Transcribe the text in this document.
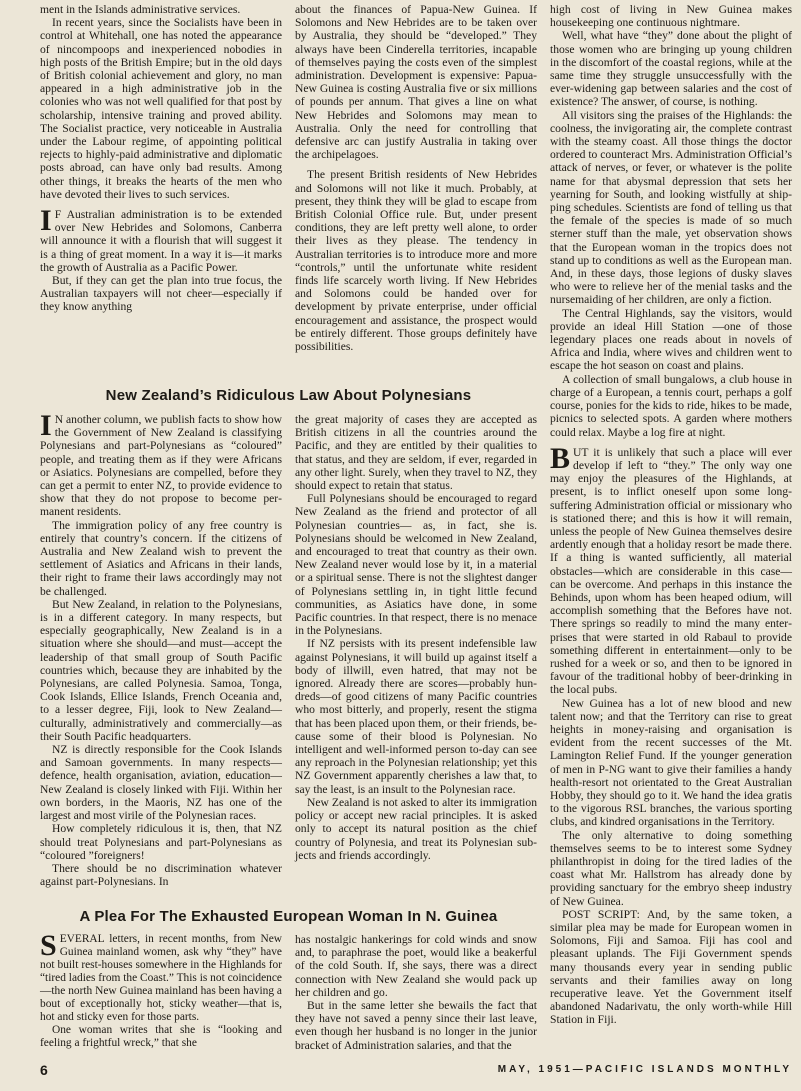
ment in the Islands administrative services.

In recent years, since the Socialists have been in control at Whitehall, one has noted the appearance of nincompoops and inexperienced nobodies in high posts of the British Empire; but in the old days of British colonial achievement and glory, no man appeared in a high administrative job in the colonies who was not well qualified for that post by scholarship, intensive training and proved ability. The Socialist practice, very noticeable in Australia under the Labour regime, of appointing political rejects to highly-paid administrative and diplomatic posts abroad, can have only bad results. Among other things, it breaks the hearts of the men who have devoted their lives to such services.

I F Australian administration is to be extended over New Hebrides and Solomons, Canberra will announce it with a flourish that will suggest it is a thing of great moment. In a way it is—it marks the growth of Australia as a Pacific Power.

But, if they can get the plan into true focus, the Australian taxpayers will not cheer—especially if they know anything

about the finances of Papua-New Guinea. If Solomons and New Hebrides are to be taken over by Australia, they should be “developed.” They always have been Cinderella territories, incapable of themselves paying the costs even of the simplest administration. Development is expensive: Papua-New Guinea is costing Australia five or six millions of pounds per annum. That gives a line on what New Hebrides and Solomons may mean to Australia. Only the need for controlling that defensive arc can justify Australia in taking over the archipelagoes.

The present British residents of New Hebrides and Solomons will not like it much. Probably, at present, they think they will be glad to escape from British Colonial Office rule. But, under present conditions, they are left pretty well alone, to order their lives as they please. The tendency in Australian territories is to introduce more and more “controls,” until the unfortunate white resident finds life scarcely worth living. If New Hebrides and Solomons could be handed over for development by private enterprise, under official encouragement and assistance, the prospect would be entirely different. Those groups definitely have possibilities.

high cost of living in New Guinea makes housekeeping one continuous nightmare.

Well, what have “they” done about the plight of those women who are bringing up young children in the discomfort of the coastal regions, while at the same time they struggle unsuccessfully with the ever-widening gap between salaries and the cost of existence? The answer, of course, is nothing.

All visitors sing the praises of the Highlands: the coolness, the invigorating air, the complete contrast with the steamy coast. All those things the doctor ordered to counteract Mrs. Administration Official’s attack of nerves, or fever, or whatever is the polite name for that abysmal depression that sets her yearning for South, and looking wistfully at shipping schedules. Scientists are fond of telling us that the female of the species is made of so much sterner stuff than the male, yet observation shows that the European woman in the tropics does not stand up to conditions as well as the European man. And, in these days, those legions of dusky slaves who were to relieve her of the menial tasks and the nursemaiding of her children, are only a fiction.

The Central Highlands, say the visitors, would provide an ideal Hill Station —one of those legendary places one reads about in novels of Africa and India, where wives and children went to escape the hot season on coast and plains.

A collection of small bungalows, a club house in charge of a European, a tennis court, perhaps a golf course, ponies for the kids to ride, hikes to be made, picnics to selected spots. A garden where mothers could relax. Maybe a log fire at night.

BUT it is unlikely that such a place will ever develop if left to “they.” The only way one may enjoy the pleasures of the Highlands, at present, is to inflict oneself upon some long-suffering Administration official or missionary who is stationed there; and this is how it will remain, unless the people of New Guinea themselves desire ardently enough that a holiday resort be made there. If a thing is wanted sufficiently, all material obstacles—which are considerable in this case—can be overcome. And perhaps in this instance the Behinds, upon whom has been heaped odium, will accomplish something that the Befores have not. There springs so readily to mind the many enterprises that were started in old Rabaul to provide something different in entertainment—only to be rushed for a week or so, and then to be ignored in favour of the traditional hobby of beer-drinking in the local pubs.

New Guinea has a lot of new blood and new talent now; and that the Territory can rise to great heights in money-raising and organisation is evident from the recent successes of the Mt. Lamington Relief Fund. If the younger generation of men in P-NG want to give their families a handy health-resort not orientated to the Great Australian Hobby, they should go to it. We hand the idea gratis to the vigorous RSL branches, the various sporting clubs, and kindred organisations in the Territory.

The only alternative to doing something themselves seems to be to interest some Sydney philanthropist in doing for the tired ladies of the coast what Mr. Hallstrom has already done by providing sanctuary for the embryo sheep industry of New Guinea.

POST SCRIPT: And, by the same token, a similar plea may be made for European women in Solomons, Fiji and Samoa. Fiji has cool and pleasant uplands. The Fiji Government spends many thousands every year in sending public servants and their families away on long recuperative leave. Yet the Government itself abandoned Nadarivatu, the only worth-while Hill Station in Fiji.

New Zealand’s Ridiculous Law About Polynesians

I N another column, we publish facts to show how the Government of New Zealand is classifying Polynesians and part-Polynesians as “coloured” people, and treating them as if they were Africans or Asiatics. Polynesians are compelled, before they can get a permit to enter NZ, to provide evidence to show that they do not propose to become permanent residents.

The immigration policy of any free country is entirely that country’s concern. If the citizens of Australia and New Zealand wish to prevent the settlement of Asiatics and Africans in their lands, their right to frame their laws accordingly may not be challenged.

But New Zealand, in relation to the Polynesians, is in a different category. In many respects, but especially geographically, New Zealand is in a situation where she should—and must—accept the leadership of that small group of South Pacific countries which, because they are inhabited by the Polynesians, are called Polynesia. Samoa, Tonga, Cook Islands, Ellice Islands, French Oceania and, to a lesser degree, Fiji, look to New Zealand—culturally, administratively and commercially—as their South Pacific headquarters.

NZ is directly responsible for the Cook Islands and Samoan governments. In many respects—defence, health organisation, aviation, education—New Zealand is closely linked with Fiji. Within her own borders, in the Maoris, NZ has one of the largest and most virile of the Polynesian races.

How completely ridiculous it is, then, that NZ should treat Polynesians and part-Polynesians as “coloured ”foreigners!

There should be no discrimination whatever against part-Polynesians. In

the great majority of cases they are accepted as British citizens in all the countries around the Pacific, and they are entitled by their qualities to that status, and they are seldom, if ever, regarded in any other light. Surely, when they travel to NZ, they should expect to retain that status.

Full Polynesians should be encouraged to regard New Zealand as the friend and protector of all Polynesian countries— as, in fact, she is. Polynesians should be welcomed in New Zealand, and encouraged to treat that country as their own. New Zealand never would lose by it, in a material or a spiritual sense. There is not the slightest danger of Polynesians settling in, in tight little fecund communities, as Asiatics have done, in some Pacific countries. In that respect, there is no menace in the Polynesians.

If NZ persists with its present indefensible law against Polynesians, it will build up against itself a body of illwill, even hatred, that may not be ignored. Already there are scores—probably hundreds—of good citizens of many Pacific countries who most bitterly, and properly, resent the stigma that has been placed upon them, or their friends, because some of their blood is Polynesian. No intelligent and well-informed person to-day can see any reproach in the Polynesian relationship; yet this NZ Government apparently cherishes a law that, to say the least, is an insult to the Polynesian race.

New Zealand is not asked to alter its immigration policy or accept new racial principles. It is asked only to accept its natural position as the chief country of Polynesia, and treat its Polynesian subjects and friends accordingly.

A Plea For The Exhausted European Woman In N. Guinea

SEVERAL letters, in recent months, from New Guinea mainland women, ask why “they” have not built rest-houses somewhere in the Highlands for “tired ladies from the Coast.” This is not coincidence—the north New Guinea mainland has been having a bout of exceptionally hot, sticky weather—that is, hot and sticky even for those parts.

One woman writes that she is “looking and feeling a frightful wreck,” that she

has nostalgic hankerings for cold winds and snow and, to paraphrase the poet, would like a beakerful of the cold South. If, she says, there was a direct connection with New Zealand she would pack up her children and go.

But in the same letter she bewails the fact that they have not saved a penny since their last leave, even though her husband is no longer in the junior bracket of Administration salaries, and that the

6	MAY, 1951—PACIFIC ISLANDS MONTHLY
